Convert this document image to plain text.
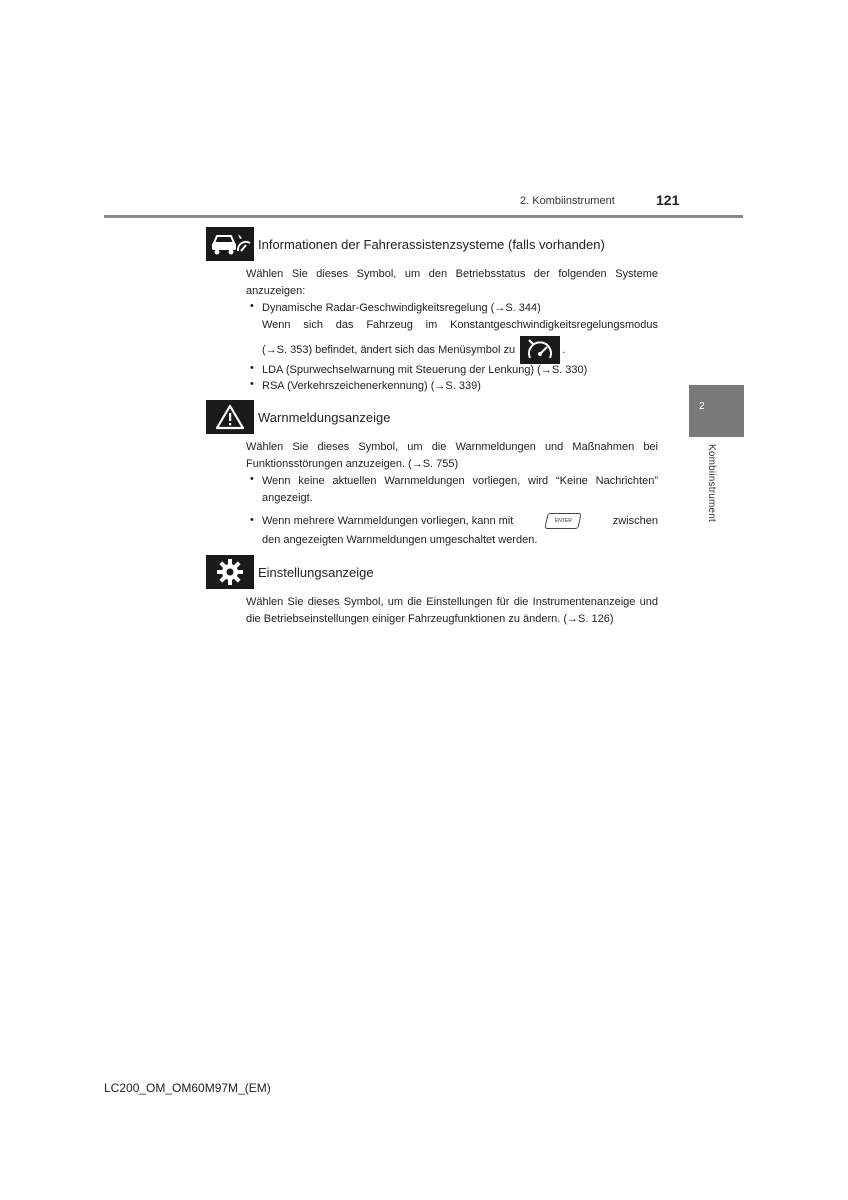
2. Kombiinstrument	121
2
Kombiinstrument
Informationen der Fahrerassistenzsysteme (falls vorhanden)
Wählen Sie dieses Symbol, um den Betriebsstatus der folgenden Systeme anzuzeigen:
• Dynamische Radar-Geschwindigkeitsregelung (→S. 344)
Wenn sich das Fahrzeug im Konstantgeschwindigkeitsregelungsmodus
(→S. 353) befindet, ändert sich das Menüsymbol zu	.
• LDA (Spurwechselwarnung mit Steuerung der Lenkung) (→S. 330)
• RSA (Verkehrszeichenerkennung) (→S. 339)
Warnmeldungsanzeige
Wählen Sie dieses Symbol, um die Warnmeldungen und Maßnahmen bei Funktionsstörungen anzuzeigen. (→S. 755)
• Wenn keine aktuellen Warnmeldungen vorliegen, wird “Keine Nachrichten” angezeigt.
• Wenn mehrere Warnmeldungen vorliegen, kann mit	ENTER	zwischen
den angezeigten Warnmeldungen umgeschaltet werden.
Einstellungsanzeige
Wählen Sie dieses Symbol, um die Einstellungen für die Instrumentenanzeige und die Betriebseinstellungen einiger Fahrzeugfunktionen zu ändern. (→S. 126)
LC200_OM_OM60M97M_(EM)
